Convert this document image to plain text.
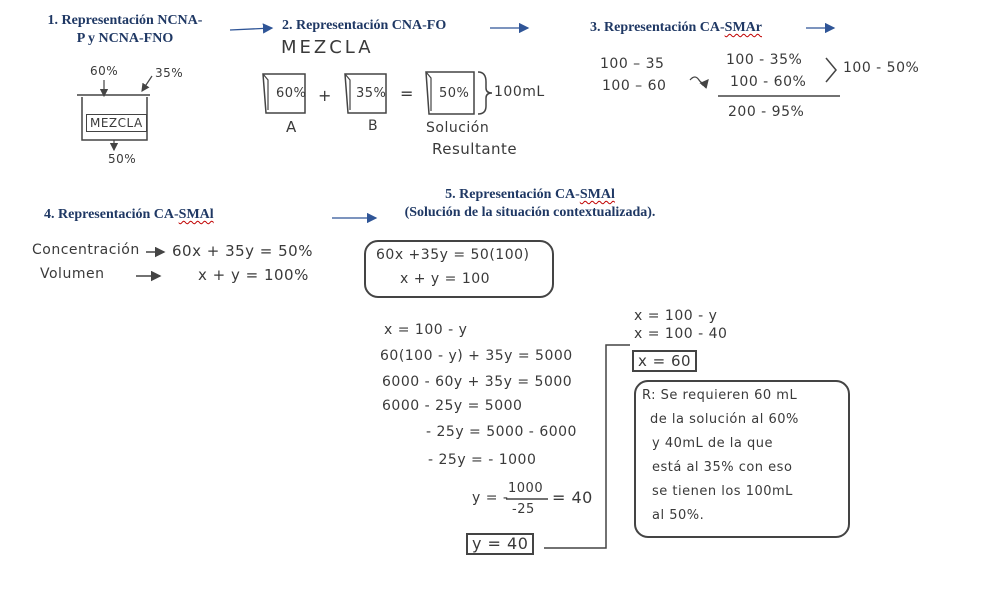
1. Representación NCNA-
P y NCNA-FNO
2. Representación CNA-FO	3. Representación CA-SMAr
4. Representación CA-SMAl
5. Representación CA-SMAl
(Solución de la situación contextualizada).
60%	35%
MEZCLA
50%
MEZCLA
60%
A
+ 35%
B
= 50% 100mL
Solución
Resultante
100 – 35
100 – 60
100 - 35%
100 - 60%
100 - 50%
200 - 95%
Concentración 60x + 35y = 50%
Volumen	x + y = 100%
60x +35y = 50(100)
x + y = 100
x = 100 - y
60(100 - y) + 35y = 5000
6000 - 60y + 35y = 5000
6000 - 25y = 5000
- 25y = 5000 - 6000
- 25y = - 1000
y = -
1000
-25
= 40
y = 40
x = 100 - y
x = 100 - 40
x = 60
R: Se requieren 60 mL
de la solución al 60%
y 40mL de la que
está al 35% con eso
se tienen los 100mL
al 50%.
